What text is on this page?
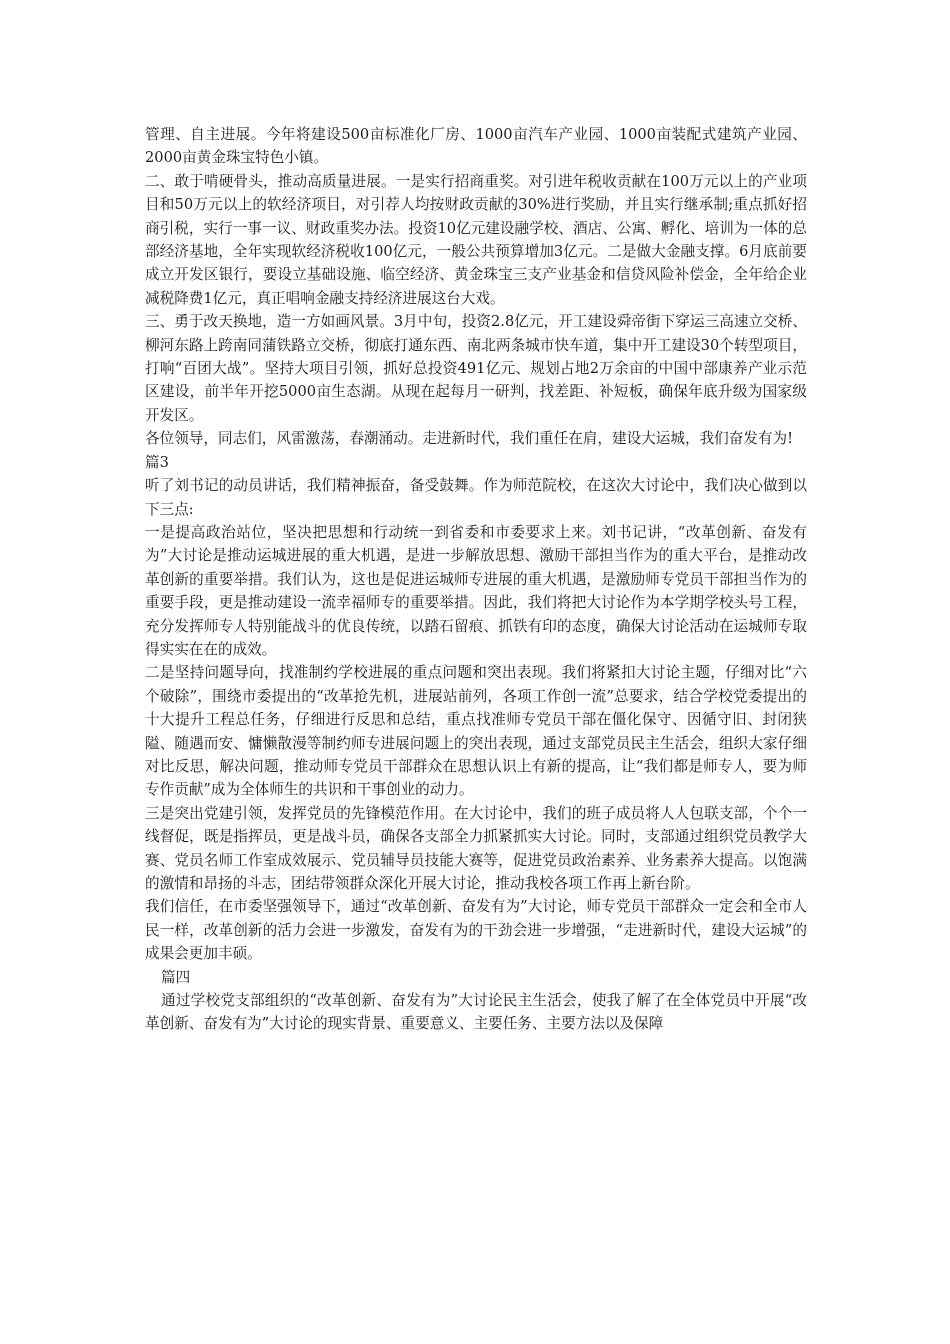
管理、自主进展。今年将建设500亩标准化厂房、1000亩汽车产业园、1000亩装配式建筑产业园、2000亩黄金珠宝特色小镇。

二、敢于啃硬骨头，推动高质量进展。一是实行招商重奖。对引进年税收贡献在100万元以上的产业项目和50万元以上的软经济项目，对引荐人均按财政贡献的30%进行奖励，并且实行继承制;重点抓好招商引税，实行一事一议、财政重奖办法。投资10亿元建设融学校、酒店、公寓、孵化、培训为一体的总部经济基地，全年实现软经济税收100亿元，一般公共预算增加3亿元。二是做大金融支撑。6月底前要成立开发区银行，要设立基础设施、临空经济、黄金珠宝三支产业基金和信贷风险补偿金，全年给企业减税降费1亿元，真正唱响金融支持经济进展这台大戏。

三、勇于改天换地，造一方如画风景。3月中旬，投资2.8亿元，开工建设舜帝街下穿运三高速立交桥、柳河东路上跨南同蒲铁路立交桥，彻底打通东西、南北两条城市快车道，集中开工建设30个转型项目，打响“百团大战”。坚持大项目引领，抓好总投资491亿元、规划占地2万余亩的中国中部康养产业示范区建设，前半年开挖5000亩生态湖。从现在起每月一研判，找差距、补短板，确保年底升级为国家级开发区。

各位领导，同志们，风雷激荡，春潮涌动。走进新时代，我们重任在肩，建设大运城，我们奋发有为!

篇3

听了刘书记的动员讲话，我们精神振奋，备受鼓舞。作为师范院校，在这次大讨论中，我们决心做到以下三点:

一是提高政治站位，坚决把思想和行动统一到省委和市委要求上来。刘书记讲，“改革创新、奋发有为”大讨论是推动运城进展的重大机遇，是进一步解放思想、激励干部担当作为的重大平台，是推动改革创新的重要举措。我们认为，这也是促进运城师专进展的重大机遇，是激励师专党员干部担当作为的重要手段，更是推动建设一流幸福师专的重要举措。因此，我们将把大讨论作为本学期学校头号工程，充分发挥师专人特别能战斗的优良传统，以踏石留痕、抓铁有印的态度，确保大讨论活动在运城师专取得实实在在的成效。

二是坚持问题导向，找准制约学校进展的重点问题和突出表现。我们将紧扣大讨论主题，仔细对比“六个破除”，围绕市委提出的“改革抢先机，进展站前列，各项工作创一流”总要求，结合学校党委提出的十大提升工程总任务，仔细进行反思和总结，重点找准师专党员干部在僵化保守、因循守旧、封闭狭隘、随遇而安、慵懒散漫等制约师专进展问题上的突出表现，通过支部党员民主生活会，组织大家仔细对比反思，解决问题，推动师专党员干部群众在思想认识上有新的提高，让“我们都是师专人，要为师专作贡献”成为全体师生的共识和干事创业的动力。

三是突出党建引领，发挥党员的先锋模范作用。在大讨论中，我们的班子成员将人人包联支部，个个一线督促，既是指挥员，更是战斗员，确保各支部全力抓紧抓实大讨论。同时，支部通过组织党员教学大赛、党员名师工作室成效展示、党员辅导员技能大赛等，促进党员政治素养、业务素养大提高。以饱满的激情和昂扬的斗志，团结带领群众深化开展大讨论，推动我校各项工作再上新台阶。

我们信任，在市委坚强领导下，通过“改革创新、奋发有为”大讨论，师专党员干部群众一定会和全市人民一样，改革创新的活力会进一步激发，奋发有为的干劲会进一步增强，“走进新时代，建设大运城”的成果会更加丰硕。

篇四

通过学校党支部组织的“改革创新、奋发有为”大讨论民主生活会，使我了解了在全体党员中开展“改革创新、奋发有为”大讨论的现实背景、重要意义、主要任务、主要方法以及保障
